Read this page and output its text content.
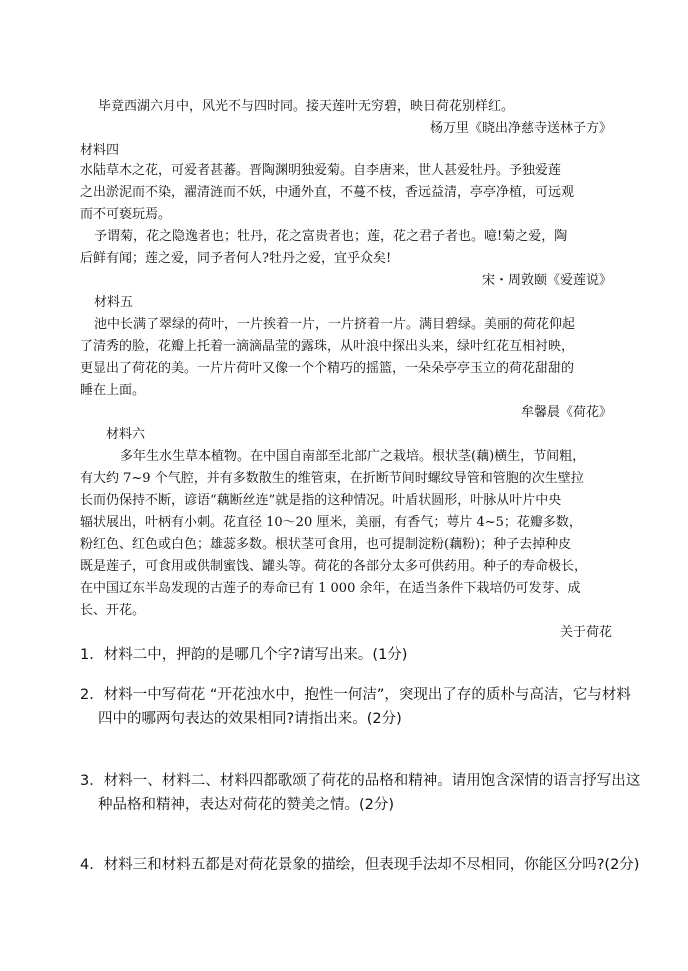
毕竟西湖六月中，风光不与四时同。接天莲叶无穷碧，映日荷花别样红。
杨万里《晓出净慈寺送林子方》
材料四
水陆草木之花，可爱者甚蕃。晋陶渊明独爱菊。自李唐来，世人甚爱牡丹。予独爱莲
之出淤泥而不染，濯清涟而不妖，中通外直，不蔓不枝，香远益清，亭亭净植，可远观
而不可亵玩焉。
予谓菊，花之隐逸者也；牡丹，花之富贵者也；莲，花之君子者也。噫!菊之爱，陶
后鲜有闻；莲之爱，同予者何人?牡丹之爱，宜乎众矣!
宋・周敦颐《爱莲说》
材料五
池中长满了翠绿的荷叶，一片挨着一片，一片挤着一片。满目碧绿。美丽的荷花仰起
了清秀的脸，花瓣上托着一滴滴晶莹的露珠，从叶浪中探出头来，绿叶红花互相衬映，
更显出了荷花的美。一片片荷叶又像一个个精巧的摇篮，一朵朵亭亭玉立的荷花甜甜的
睡在上面。
牟馨晨《荷花》
材料六
多年生水生草本植物。在中国自南部至北部广之栽培。根状茎(藕)横生，节间粗，
有大约 7~9 个气腔，并有多数散生的维管束，在折断节间时螺纹导管和管胞的次生壁拉
长而仍保持不断，谚语“藕断丝连”就是指的这种情况。叶盾状圆形，叶脉从叶片中央
辐状展出，叶柄有小刺。花直径 10～20 厘米，美丽，有香气；萼片 4~5；花瓣多数，
粉红色、红色或白色；雄蕊多数。根状茎可食用，也可提制淀粉(藕粉)；种子去掉种皮
既是莲子，可食用或供制蜜饯、罐头等。荷花的各部分太多可供药用。种子的寿命极长，
在中国辽东半岛发现的古莲子的寿命已有 1 000 余年，在适当条件下栽培仍可发芽、成
长、开花。
关于荷花
1．材料二中，押韵的是哪几个字?请写出来。(1分)
2．材料一中写荷花 “开花浊水中，抱性一何洁”，突现出了存的质朴与高洁，它与材料
四中的哪两句表达的效果相同?请指出来。(2分)
3．材料一、材料二、材料四都歌颂了荷花的品格和精神。请用饱含深情的语言抒写出这
种品格和精神，表达对荷花的赞美之情。(2分)
4．材料三和材料五都是对荷花景象的描绘，但表现手法却不尽相同，你能区分吗?(2分)
